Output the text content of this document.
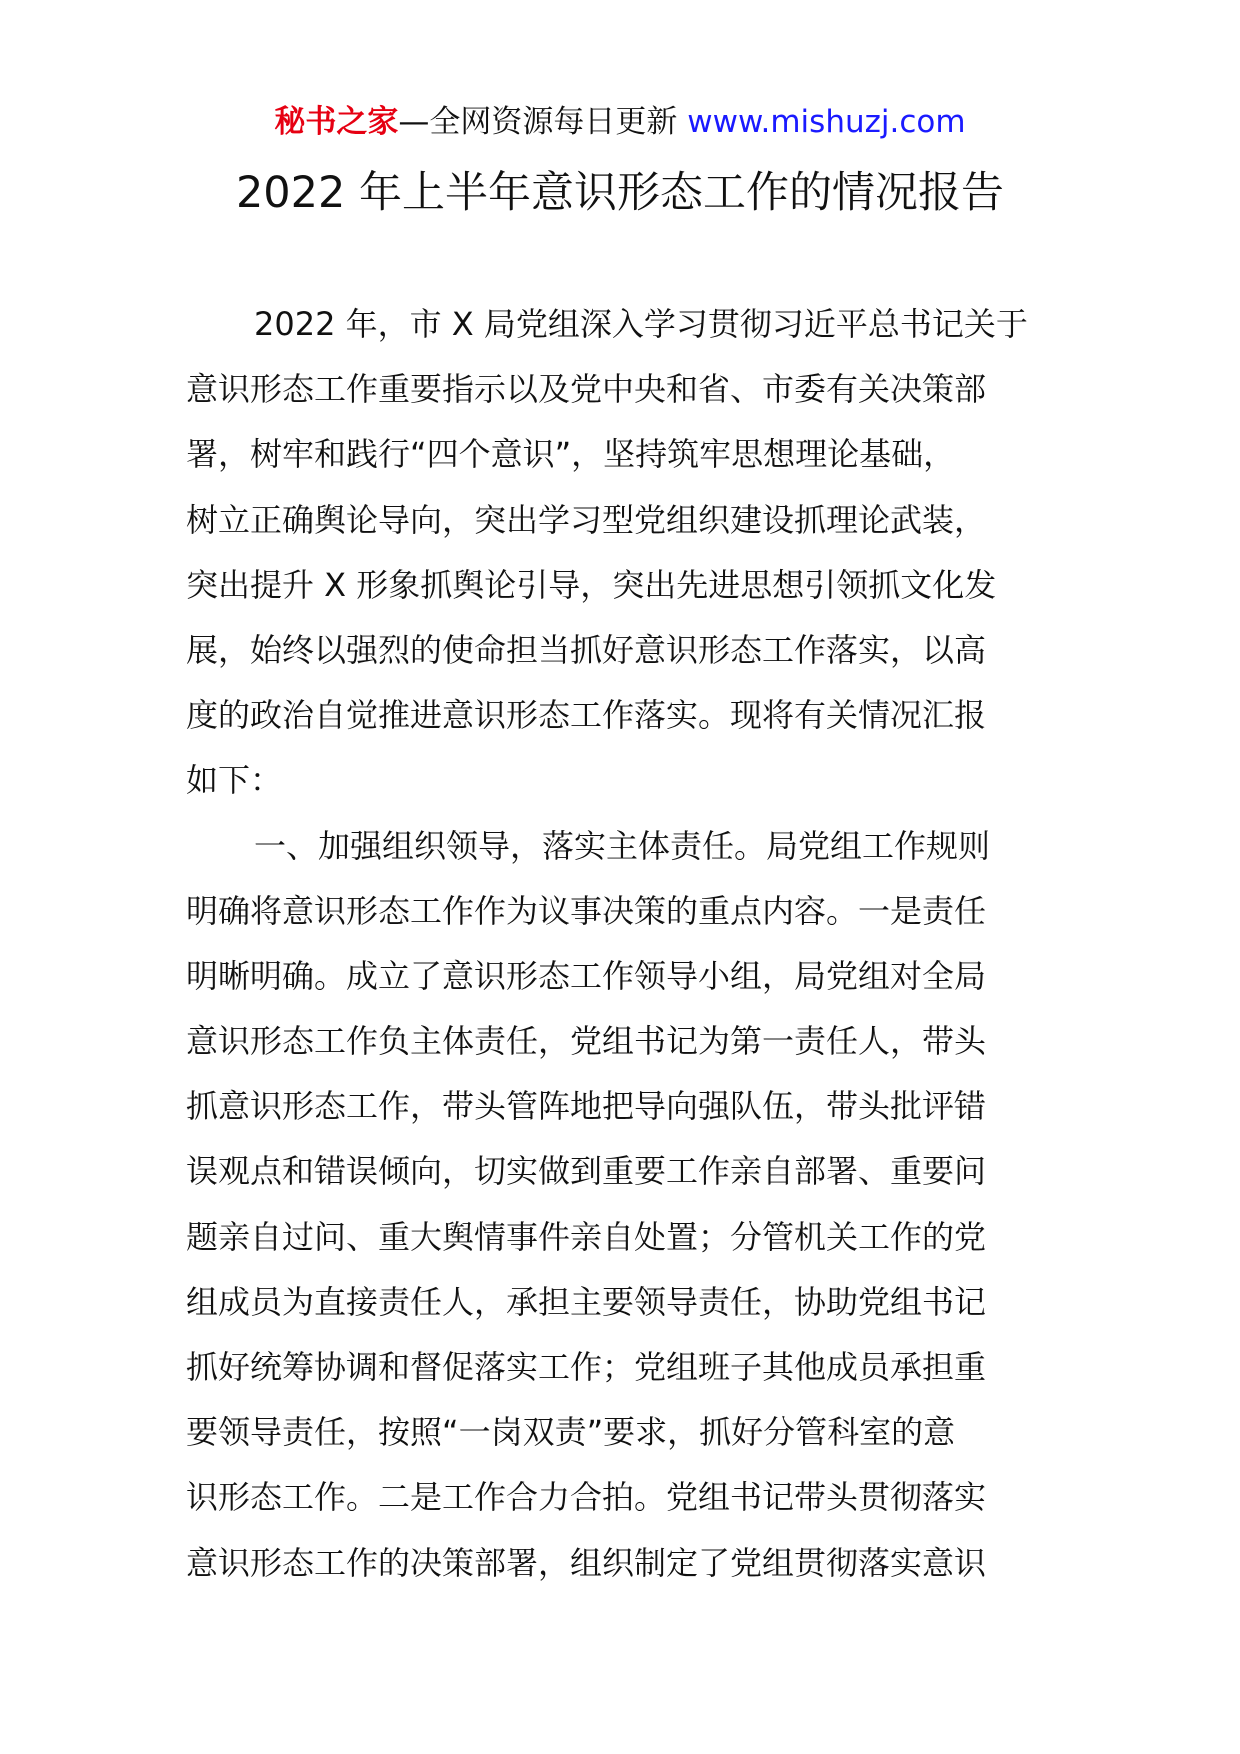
秘书之家—全网资源每日更新 www.mishuzj.com
2022 年上半年意识形态工作的情况报告
2022 年，市 X 局党组深入学习贯彻习近平总书记关于
意识形态工作重要指示以及党中央和省、市委有关决策部
署，树牢和践行“四个意识”，坚持筑牢思想理论基础，
树立正确舆论导向，突出学习型党组织建设抓理论武装，
突出提升 X 形象抓舆论引导，突出先进思想引领抓文化发
展，始终以强烈的使命担当抓好意识形态工作落实，以高
度的政治自觉推进意识形态工作落实。现将有关情况汇报
如下：
一、加强组织领导，落实主体责任。局党组工作规则
明确将意识形态工作作为议事决策的重点内容。一是责任
明晰明确。成立了意识形态工作领导小组，局党组对全局
意识形态工作负主体责任，党组书记为第一责任人，带头
抓意识形态工作，带头管阵地把导向强队伍，带头批评错
误观点和错误倾向，切实做到重要工作亲自部署、重要问
题亲自过问、重大舆情事件亲自处置；分管机关工作的党
组成员为直接责任人，承担主要领导责任，协助党组书记
抓好统筹协调和督促落实工作；党组班子其他成员承担重
要领导责任，按照“一岗双责”要求，抓好分管科室的意
识形态工作。二是工作合力合拍。党组书记带头贯彻落实
意识形态工作的决策部署，组织制定了党组贯彻落实意识
